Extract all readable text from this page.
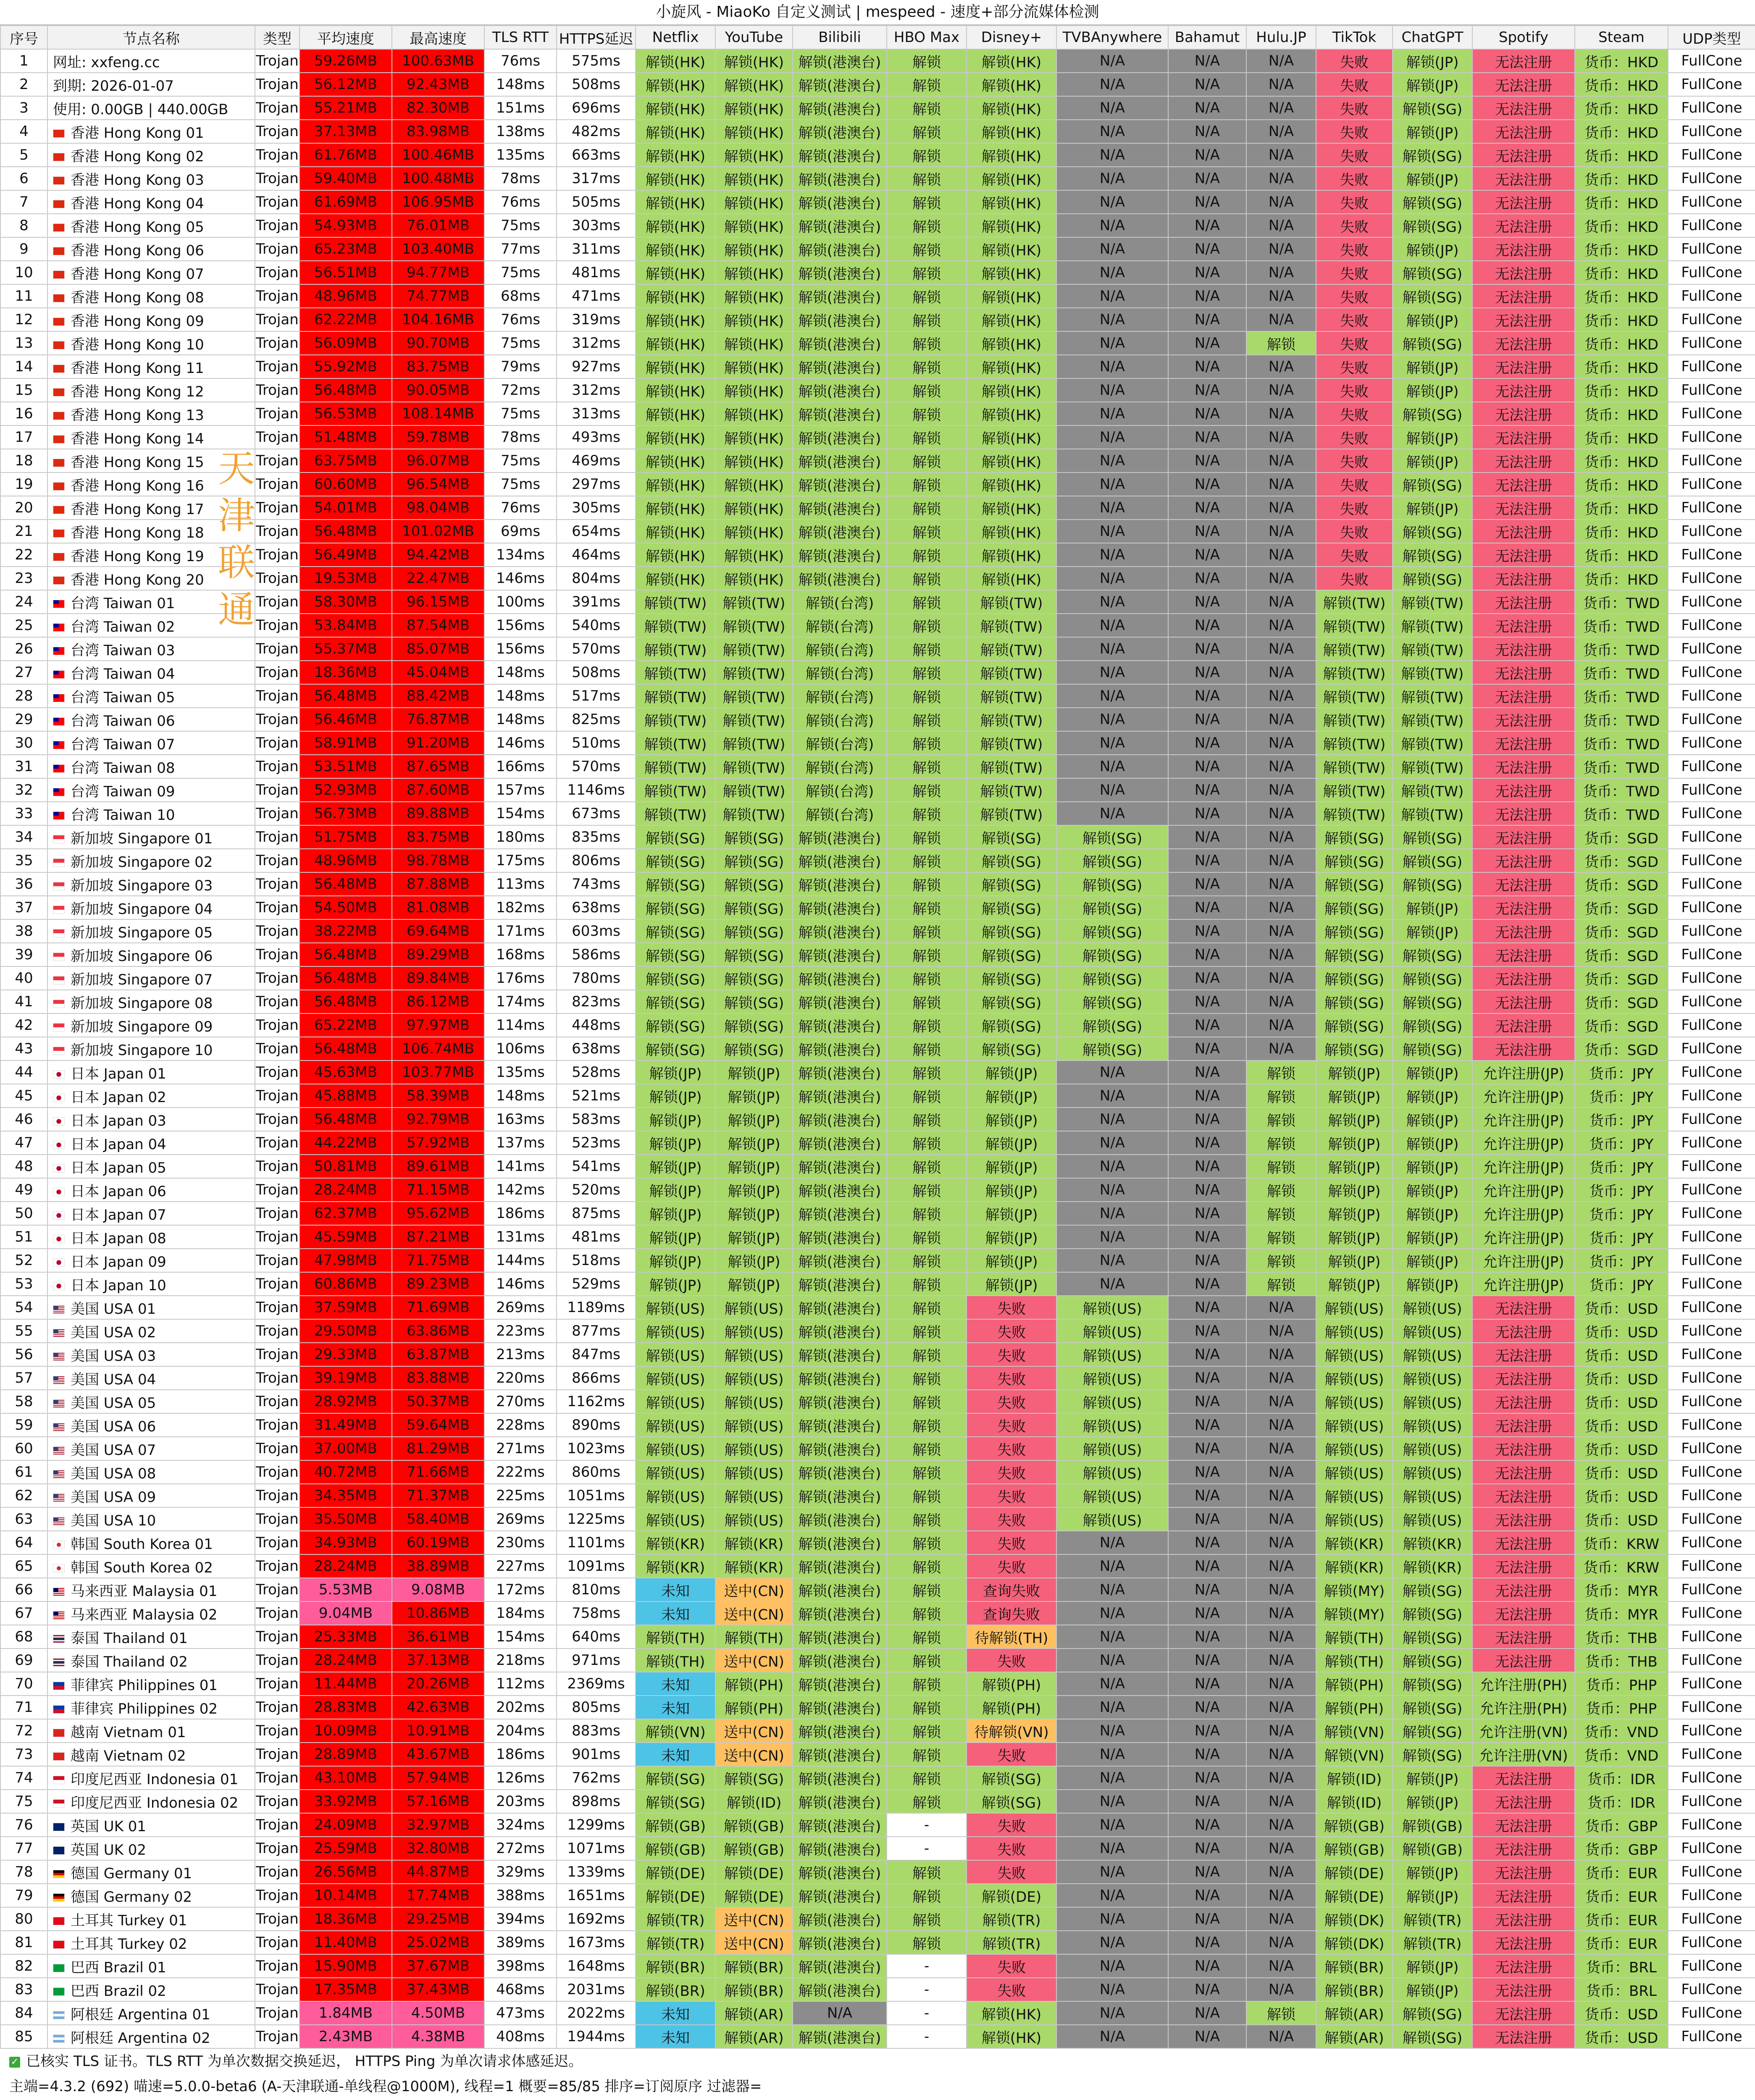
小旋风 - MiaoKo 自定义测试 | mespeed - 速度+部分流媒体检测
序号	节点名称	类型	平均速度	最高速度	TLS RTT	HTTPS延迟	Netflix	YouTube	Bilibili	HBO Max	Disney+	TVBAnywhere	Bahamut	Hulu.JP	TikTok	ChatGPT	Spotify	Steam	UDP类型
1	网址: xxfeng.cc	Trojan	59.26MB	100.63MB	76ms	575ms	解锁(HK)	解锁(HK)	解锁(港澳台)	解锁	解锁(HK)	N/A	N/A	N/A	失败	解锁(JP)	无法注册	货币：HKD	FullCone
2	到期: 2026-01-07	Trojan	56.12MB	92.43MB	148ms	508ms	解锁(HK)	解锁(HK)	解锁(港澳台)	解锁	解锁(HK)	N/A	N/A	N/A	失败	解锁(JP)	无法注册	货币：HKD	FullCone
3	使用: 0.00GB | 440.00GB	Trojan	55.21MB	82.30MB	151ms	696ms	解锁(HK)	解锁(HK)	解锁(港澳台)	解锁	解锁(HK)	N/A	N/A	N/A	失败	解锁(SG)	无法注册	货币：HKD	FullCone
4	香港 Hong Kong 01	Trojan	37.13MB	83.98MB	138ms	482ms	解锁(HK)	解锁(HK)	解锁(港澳台)	解锁	解锁(HK)	N/A	N/A	N/A	失败	解锁(JP)	无法注册	货币：HKD	FullCone
5	香港 Hong Kong 02	Trojan	61.76MB	100.46MB	135ms	663ms	解锁(HK)	解锁(HK)	解锁(港澳台)	解锁	解锁(HK)	N/A	N/A	N/A	失败	解锁(SG)	无法注册	货币：HKD	FullCone
6	香港 Hong Kong 03	Trojan	59.40MB	100.48MB	78ms	317ms	解锁(HK)	解锁(HK)	解锁(港澳台)	解锁	解锁(HK)	N/A	N/A	N/A	失败	解锁(JP)	无法注册	货币：HKD	FullCone
7	香港 Hong Kong 04	Trojan	61.69MB	106.95MB	76ms	505ms	解锁(HK)	解锁(HK)	解锁(港澳台)	解锁	解锁(HK)	N/A	N/A	N/A	失败	解锁(SG)	无法注册	货币：HKD	FullCone
8	香港 Hong Kong 05	Trojan	54.93MB	76.01MB	75ms	303ms	解锁(HK)	解锁(HK)	解锁(港澳台)	解锁	解锁(HK)	N/A	N/A	N/A	失败	解锁(SG)	无法注册	货币：HKD	FullCone
9	香港 Hong Kong 06	Trojan	65.23MB	103.40MB	77ms	311ms	解锁(HK)	解锁(HK)	解锁(港澳台)	解锁	解锁(HK)	N/A	N/A	N/A	失败	解锁(JP)	无法注册	货币：HKD	FullCone
10	香港 Hong Kong 07	Trojan	56.51MB	94.77MB	75ms	481ms	解锁(HK)	解锁(HK)	解锁(港澳台)	解锁	解锁(HK)	N/A	N/A	N/A	失败	解锁(SG)	无法注册	货币：HKD	FullCone
11	香港 Hong Kong 08	Trojan	48.96MB	74.77MB	68ms	471ms	解锁(HK)	解锁(HK)	解锁(港澳台)	解锁	解锁(HK)	N/A	N/A	N/A	失败	解锁(SG)	无法注册	货币：HKD	FullCone
12	香港 Hong Kong 09	Trojan	62.22MB	104.16MB	76ms	319ms	解锁(HK)	解锁(HK)	解锁(港澳台)	解锁	解锁(HK)	N/A	N/A	N/A	失败	解锁(JP)	无法注册	货币：HKD	FullCone
13	香港 Hong Kong 10	Trojan	56.09MB	90.70MB	75ms	312ms	解锁(HK)	解锁(HK)	解锁(港澳台)	解锁	解锁(HK)	N/A	N/A	解锁	失败	解锁(SG)	无法注册	货币：HKD	FullCone
14	香港 Hong Kong 11	Trojan	55.92MB	83.75MB	79ms	927ms	解锁(HK)	解锁(HK)	解锁(港澳台)	解锁	解锁(HK)	N/A	N/A	N/A	失败	解锁(JP)	无法注册	货币：HKD	FullCone
15	香港 Hong Kong 12	Trojan	56.48MB	90.05MB	72ms	312ms	解锁(HK)	解锁(HK)	解锁(港澳台)	解锁	解锁(HK)	N/A	N/A	N/A	失败	解锁(JP)	无法注册	货币：HKD	FullCone
16	香港 Hong Kong 13	Trojan	56.53MB	108.14MB	75ms	313ms	解锁(HK)	解锁(HK)	解锁(港澳台)	解锁	解锁(HK)	N/A	N/A	N/A	失败	解锁(SG)	无法注册	货币：HKD	FullCone
17	香港 Hong Kong 14	Trojan	51.48MB	59.78MB	78ms	493ms	解锁(HK)	解锁(HK)	解锁(港澳台)	解锁	解锁(HK)	N/A	N/A	N/A	失败	解锁(JP)	无法注册	货币：HKD	FullCone
18	香港 Hong Kong 15	Trojan	63.75MB	96.07MB	75ms	469ms	解锁(HK)	解锁(HK)	解锁(港澳台)	解锁	解锁(HK)	N/A	N/A	N/A	失败	解锁(JP)	无法注册	货币：HKD	FullCone
19	香港 Hong Kong 16	Trojan	60.60MB	96.54MB	75ms	297ms	解锁(HK)	解锁(HK)	解锁(港澳台)	解锁	解锁(HK)	N/A	N/A	N/A	失败	解锁(SG)	无法注册	货币：HKD	FullCone
20	香港 Hong Kong 17	Trojan	54.01MB	98.04MB	76ms	305ms	解锁(HK)	解锁(HK)	解锁(港澳台)	解锁	解锁(HK)	N/A	N/A	N/A	失败	解锁(JP)	无法注册	货币：HKD	FullCone
21	香港 Hong Kong 18	Trojan	56.48MB	101.02MB	69ms	654ms	解锁(HK)	解锁(HK)	解锁(港澳台)	解锁	解锁(HK)	N/A	N/A	N/A	失败	解锁(SG)	无法注册	货币：HKD	FullCone
22	香港 Hong Kong 19	Trojan	56.49MB	94.42MB	134ms	464ms	解锁(HK)	解锁(HK)	解锁(港澳台)	解锁	解锁(HK)	N/A	N/A	N/A	失败	解锁(SG)	无法注册	货币：HKD	FullCone
23	香港 Hong Kong 20	Trojan	19.53MB	22.47MB	146ms	804ms	解锁(HK)	解锁(HK)	解锁(港澳台)	解锁	解锁(HK)	N/A	N/A	N/A	失败	解锁(SG)	无法注册	货币：HKD	FullCone
24	台湾 Taiwan 01	Trojan	58.30MB	96.15MB	100ms	391ms	解锁(TW)	解锁(TW)	解锁(台湾)	解锁	解锁(TW)	N/A	N/A	N/A	解锁(TW)	解锁(TW)	无法注册	货币：TWD	FullCone
25	台湾 Taiwan 02	Trojan	53.84MB	87.54MB	156ms	540ms	解锁(TW)	解锁(TW)	解锁(台湾)	解锁	解锁(TW)	N/A	N/A	N/A	解锁(TW)	解锁(TW)	无法注册	货币：TWD	FullCone
26	台湾 Taiwan 03	Trojan	55.37MB	85.07MB	156ms	570ms	解锁(TW)	解锁(TW)	解锁(台湾)	解锁	解锁(TW)	N/A	N/A	N/A	解锁(TW)	解锁(TW)	无法注册	货币：TWD	FullCone
27	台湾 Taiwan 04	Trojan	18.36MB	45.04MB	148ms	508ms	解锁(TW)	解锁(TW)	解锁(台湾)	解锁	解锁(TW)	N/A	N/A	N/A	解锁(TW)	解锁(TW)	无法注册	货币：TWD	FullCone
28	台湾 Taiwan 05	Trojan	56.48MB	88.42MB	148ms	517ms	解锁(TW)	解锁(TW)	解锁(台湾)	解锁	解锁(TW)	N/A	N/A	N/A	解锁(TW)	解锁(TW)	无法注册	货币：TWD	FullCone
29	台湾 Taiwan 06	Trojan	56.46MB	76.87MB	148ms	825ms	解锁(TW)	解锁(TW)	解锁(台湾)	解锁	解锁(TW)	N/A	N/A	N/A	解锁(TW)	解锁(TW)	无法注册	货币：TWD	FullCone
30	台湾 Taiwan 07	Trojan	58.91MB	91.20MB	146ms	510ms	解锁(TW)	解锁(TW)	解锁(台湾)	解锁	解锁(TW)	N/A	N/A	N/A	解锁(TW)	解锁(TW)	无法注册	货币：TWD	FullCone
31	台湾 Taiwan 08	Trojan	53.51MB	87.65MB	166ms	570ms	解锁(TW)	解锁(TW)	解锁(台湾)	解锁	解锁(TW)	N/A	N/A	N/A	解锁(TW)	解锁(TW)	无法注册	货币：TWD	FullCone
32	台湾 Taiwan 09	Trojan	52.93MB	87.60MB	157ms	1146ms	解锁(TW)	解锁(TW)	解锁(台湾)	解锁	解锁(TW)	N/A	N/A	N/A	解锁(TW)	解锁(TW)	无法注册	货币：TWD	FullCone
33	台湾 Taiwan 10	Trojan	56.73MB	89.88MB	154ms	673ms	解锁(TW)	解锁(TW)	解锁(台湾)	解锁	解锁(TW)	N/A	N/A	N/A	解锁(TW)	解锁(TW)	无法注册	货币：TWD	FullCone
34	新加坡 Singapore 01	Trojan	51.75MB	83.75MB	180ms	835ms	解锁(SG)	解锁(SG)	解锁(港澳台)	解锁	解锁(SG)	解锁(SG)	N/A	N/A	解锁(SG)	解锁(SG)	无法注册	货币：SGD	FullCone
35	新加坡 Singapore 02	Trojan	48.96MB	98.78MB	175ms	806ms	解锁(SG)	解锁(SG)	解锁(港澳台)	解锁	解锁(SG)	解锁(SG)	N/A	N/A	解锁(SG)	解锁(SG)	无法注册	货币：SGD	FullCone
36	新加坡 Singapore 03	Trojan	56.48MB	87.88MB	113ms	743ms	解锁(SG)	解锁(SG)	解锁(港澳台)	解锁	解锁(SG)	解锁(SG)	N/A	N/A	解锁(SG)	解锁(SG)	无法注册	货币：SGD	FullCone
37	新加坡 Singapore 04	Trojan	54.50MB	81.08MB	182ms	638ms	解锁(SG)	解锁(SG)	解锁(港澳台)	解锁	解锁(SG)	解锁(SG)	N/A	N/A	解锁(SG)	解锁(JP)	无法注册	货币：SGD	FullCone
38	新加坡 Singapore 05	Trojan	38.22MB	69.64MB	171ms	603ms	解锁(SG)	解锁(SG)	解锁(港澳台)	解锁	解锁(SG)	解锁(SG)	N/A	N/A	解锁(SG)	解锁(JP)	无法注册	货币：SGD	FullCone
39	新加坡 Singapore 06	Trojan	56.48MB	89.29MB	168ms	586ms	解锁(SG)	解锁(SG)	解锁(港澳台)	解锁	解锁(SG)	解锁(SG)	N/A	N/A	解锁(SG)	解锁(SG)	无法注册	货币：SGD	FullCone
40	新加坡 Singapore 07	Trojan	56.48MB	89.84MB	176ms	780ms	解锁(SG)	解锁(SG)	解锁(港澳台)	解锁	解锁(SG)	解锁(SG)	N/A	N/A	解锁(SG)	解锁(SG)	无法注册	货币：SGD	FullCone
41	新加坡 Singapore 08	Trojan	56.48MB	86.12MB	174ms	823ms	解锁(SG)	解锁(SG)	解锁(港澳台)	解锁	解锁(SG)	解锁(SG)	N/A	N/A	解锁(SG)	解锁(SG)	无法注册	货币：SGD	FullCone
42	新加坡 Singapore 09	Trojan	65.22MB	97.97MB	114ms	448ms	解锁(SG)	解锁(SG)	解锁(港澳台)	解锁	解锁(SG)	解锁(SG)	N/A	N/A	解锁(SG)	解锁(SG)	无法注册	货币：SGD	FullCone
43	新加坡 Singapore 10	Trojan	56.48MB	106.74MB	106ms	638ms	解锁(SG)	解锁(SG)	解锁(港澳台)	解锁	解锁(SG)	解锁(SG)	N/A	N/A	解锁(SG)	解锁(SG)	无法注册	货币：SGD	FullCone
44	日本 Japan 01	Trojan	45.63MB	103.77MB	135ms	528ms	解锁(JP)	解锁(JP)	解锁(港澳台)	解锁	解锁(JP)	N/A	N/A	解锁	解锁(JP)	解锁(JP)	允许注册(JP)	货币：JPY	FullCone
45	日本 Japan 02	Trojan	45.88MB	58.39MB	148ms	521ms	解锁(JP)	解锁(JP)	解锁(港澳台)	解锁	解锁(JP)	N/A	N/A	解锁	解锁(JP)	解锁(JP)	允许注册(JP)	货币：JPY	FullCone
46	日本 Japan 03	Trojan	56.48MB	92.79MB	163ms	583ms	解锁(JP)	解锁(JP)	解锁(港澳台)	解锁	解锁(JP)	N/A	N/A	解锁	解锁(JP)	解锁(JP)	允许注册(JP)	货币：JPY	FullCone
47	日本 Japan 04	Trojan	44.22MB	57.92MB	137ms	523ms	解锁(JP)	解锁(JP)	解锁(港澳台)	解锁	解锁(JP)	N/A	N/A	解锁	解锁(JP)	解锁(JP)	允许注册(JP)	货币：JPY	FullCone
48	日本 Japan 05	Trojan	50.81MB	89.61MB	141ms	541ms	解锁(JP)	解锁(JP)	解锁(港澳台)	解锁	解锁(JP)	N/A	N/A	解锁	解锁(JP)	解锁(JP)	允许注册(JP)	货币：JPY	FullCone
49	日本 Japan 06	Trojan	28.24MB	71.15MB	142ms	520ms	解锁(JP)	解锁(JP)	解锁(港澳台)	解锁	解锁(JP)	N/A	N/A	解锁	解锁(JP)	解锁(JP)	允许注册(JP)	货币：JPY	FullCone
50	日本 Japan 07	Trojan	62.37MB	95.62MB	186ms	875ms	解锁(JP)	解锁(JP)	解锁(港澳台)	解锁	解锁(JP)	N/A	N/A	解锁	解锁(JP)	解锁(JP)	允许注册(JP)	货币：JPY	FullCone
51	日本 Japan 08	Trojan	45.59MB	87.21MB	131ms	481ms	解锁(JP)	解锁(JP)	解锁(港澳台)	解锁	解锁(JP)	N/A	N/A	解锁	解锁(JP)	解锁(JP)	允许注册(JP)	货币：JPY	FullCone
52	日本 Japan 09	Trojan	47.98MB	71.75MB	144ms	518ms	解锁(JP)	解锁(JP)	解锁(港澳台)	解锁	解锁(JP)	N/A	N/A	解锁	解锁(JP)	解锁(JP)	允许注册(JP)	货币：JPY	FullCone
53	日本 Japan 10	Trojan	60.86MB	89.23MB	146ms	529ms	解锁(JP)	解锁(JP)	解锁(港澳台)	解锁	解锁(JP)	N/A	N/A	解锁	解锁(JP)	解锁(JP)	允许注册(JP)	货币：JPY	FullCone
54	美国 USA 01	Trojan	37.59MB	71.69MB	269ms	1189ms	解锁(US)	解锁(US)	解锁(港澳台)	解锁	失败	解锁(US)	N/A	N/A	解锁(US)	解锁(US)	无法注册	货币：USD	FullCone
55	美国 USA 02	Trojan	29.50MB	63.86MB	223ms	877ms	解锁(US)	解锁(US)	解锁(港澳台)	解锁	失败	解锁(US)	N/A	N/A	解锁(US)	解锁(US)	无法注册	货币：USD	FullCone
56	美国 USA 03	Trojan	29.33MB	63.87MB	213ms	847ms	解锁(US)	解锁(US)	解锁(港澳台)	解锁	失败	解锁(US)	N/A	N/A	解锁(US)	解锁(US)	无法注册	货币：USD	FullCone
57	美国 USA 04	Trojan	39.19MB	83.88MB	220ms	866ms	解锁(US)	解锁(US)	解锁(港澳台)	解锁	失败	解锁(US)	N/A	N/A	解锁(US)	解锁(US)	无法注册	货币：USD	FullCone
58	美国 USA 05	Trojan	28.92MB	50.37MB	270ms	1162ms	解锁(US)	解锁(US)	解锁(港澳台)	解锁	失败	解锁(US)	N/A	N/A	解锁(US)	解锁(US)	无法注册	货币：USD	FullCone
59	美国 USA 06	Trojan	31.49MB	59.64MB	228ms	890ms	解锁(US)	解锁(US)	解锁(港澳台)	解锁	失败	解锁(US)	N/A	N/A	解锁(US)	解锁(US)	无法注册	货币：USD	FullCone
60	美国 USA 07	Trojan	37.00MB	81.29MB	271ms	1023ms	解锁(US)	解锁(US)	解锁(港澳台)	解锁	失败	解锁(US)	N/A	N/A	解锁(US)	解锁(US)	无法注册	货币：USD	FullCone
61	美国 USA 08	Trojan	40.72MB	71.66MB	222ms	860ms	解锁(US)	解锁(US)	解锁(港澳台)	解锁	失败	解锁(US)	N/A	N/A	解锁(US)	解锁(US)	无法注册	货币：USD	FullCone
62	美国 USA 09	Trojan	34.35MB	71.37MB	225ms	1051ms	解锁(US)	解锁(US)	解锁(港澳台)	解锁	失败	解锁(US)	N/A	N/A	解锁(US)	解锁(US)	无法注册	货币：USD	FullCone
63	美国 USA 10	Trojan	35.50MB	58.40MB	269ms	1225ms	解锁(US)	解锁(US)	解锁(港澳台)	解锁	失败	解锁(US)	N/A	N/A	解锁(US)	解锁(US)	无法注册	货币：USD	FullCone
64	韩国 South Korea 01	Trojan	34.93MB	60.19MB	230ms	1101ms	解锁(KR)	解锁(KR)	解锁(港澳台)	解锁	失败	N/A	N/A	N/A	解锁(KR)	解锁(KR)	无法注册	货币：KRW	FullCone
65	韩国 South Korea 02	Trojan	28.24MB	38.89MB	227ms	1091ms	解锁(KR)	解锁(KR)	解锁(港澳台)	解锁	失败	N/A	N/A	N/A	解锁(KR)	解锁(KR)	无法注册	货币：KRW	FullCone
66	马来西亚 Malaysia 01	Trojan	5.53MB	9.08MB	172ms	810ms	未知	送中(CN)	解锁(港澳台)	解锁	查询失败	N/A	N/A	N/A	解锁(MY)	解锁(SG)	无法注册	货币：MYR	FullCone
67	马来西亚 Malaysia 02	Trojan	9.04MB	10.86MB	184ms	758ms	未知	送中(CN)	解锁(港澳台)	解锁	查询失败	N/A	N/A	N/A	解锁(MY)	解锁(SG)	无法注册	货币：MYR	FullCone
68	泰国 Thailand 01	Trojan	25.33MB	36.61MB	154ms	640ms	解锁(TH)	解锁(TH)	解锁(港澳台)	解锁	待解锁(TH)	N/A	N/A	N/A	解锁(TH)	解锁(SG)	无法注册	货币：THB	FullCone
69	泰国 Thailand 02	Trojan	28.24MB	37.13MB	218ms	971ms	解锁(TH)	送中(CN)	解锁(港澳台)	解锁	失败	N/A	N/A	N/A	解锁(TH)	解锁(SG)	无法注册	货币：THB	FullCone
70	菲律宾 Philippines 01	Trojan	11.44MB	20.26MB	112ms	2369ms	未知	解锁(PH)	解锁(港澳台)	解锁	解锁(PH)	N/A	N/A	N/A	解锁(PH)	解锁(SG)	允许注册(PH)	货币：PHP	FullCone
71	菲律宾 Philippines 02	Trojan	28.83MB	42.63MB	202ms	805ms	未知	解锁(PH)	解锁(港澳台)	解锁	解锁(PH)	N/A	N/A	N/A	解锁(PH)	解锁(SG)	允许注册(PH)	货币：PHP	FullCone
72	越南 Vietnam 01	Trojan	10.09MB	10.91MB	204ms	883ms	解锁(VN)	送中(CN)	解锁(港澳台)	解锁	待解锁(VN)	N/A	N/A	N/A	解锁(VN)	解锁(SG)	允许注册(VN)	货币：VND	FullCone
73	越南 Vietnam 02	Trojan	28.89MB	43.67MB	186ms	901ms	未知	送中(CN)	解锁(港澳台)	解锁	失败	N/A	N/A	N/A	解锁(VN)	解锁(SG)	允许注册(VN)	货币：VND	FullCone
74	印度尼西亚 Indonesia 01	Trojan	43.10MB	57.94MB	126ms	762ms	解锁(SG)	解锁(SG)	解锁(港澳台)	解锁	解锁(SG)	N/A	N/A	N/A	解锁(ID)	解锁(JP)	无法注册	货币：IDR	FullCone
75	印度尼西亚 Indonesia 02	Trojan	33.92MB	57.16MB	203ms	898ms	解锁(SG)	解锁(ID)	解锁(港澳台)	解锁	解锁(SG)	N/A	N/A	N/A	解锁(ID)	解锁(JP)	无法注册	货币：IDR	FullCone
76	英国 UK 01	Trojan	24.09MB	32.97MB	324ms	1299ms	解锁(GB)	解锁(GB)	解锁(港澳台)	-	失败	N/A	N/A	N/A	解锁(GB)	解锁(GB)	无法注册	货币：GBP	FullCone
77	英国 UK 02	Trojan	25.59MB	32.80MB	272ms	1071ms	解锁(GB)	解锁(GB)	解锁(港澳台)	-	失败	N/A	N/A	N/A	解锁(GB)	解锁(GB)	无法注册	货币：GBP	FullCone
78	德国 Germany 01	Trojan	26.56MB	44.87MB	329ms	1339ms	解锁(DE)	解锁(DE)	解锁(港澳台)	解锁	失败	N/A	N/A	N/A	解锁(DE)	解锁(JP)	无法注册	货币：EUR	FullCone
79	德国 Germany 02	Trojan	10.14MB	17.74MB	388ms	1651ms	解锁(DE)	解锁(DE)	解锁(港澳台)	解锁	解锁(DE)	N/A	N/A	N/A	解锁(DE)	解锁(JP)	无法注册	货币：EUR	FullCone
80	土耳其 Turkey 01	Trojan	18.36MB	29.25MB	394ms	1692ms	解锁(TR)	送中(CN)	解锁(港澳台)	解锁	解锁(TR)	N/A	N/A	N/A	解锁(DK)	解锁(TR)	无法注册	货币：EUR	FullCone
81	土耳其 Turkey 02	Trojan	11.40MB	25.02MB	389ms	1673ms	解锁(TR)	送中(CN)	解锁(港澳台)	解锁	解锁(TR)	N/A	N/A	N/A	解锁(DK)	解锁(TR)	无法注册	货币：EUR	FullCone
82	巴西 Brazil 01	Trojan	15.90MB	37.67MB	398ms	1648ms	解锁(BR)	解锁(BR)	解锁(港澳台)	-	失败	N/A	N/A	N/A	解锁(BR)	解锁(JP)	无法注册	货币：BRL	FullCone
83	巴西 Brazil 02	Trojan	17.35MB	37.43MB	468ms	2031ms	解锁(BR)	解锁(BR)	解锁(港澳台)	-	失败	N/A	N/A	N/A	解锁(BR)	解锁(JP)	无法注册	货币：BRL	FullCone
84	阿根廷 Argentina 01	Trojan	1.84MB	4.50MB	473ms	2022ms	未知	解锁(AR)	N/A	-	解锁(HK)	N/A	N/A	解锁	解锁(AR)	解锁(SG)	无法注册	货币：USD	FullCone
85	阿根廷 Argentina 02	Trojan	2.43MB	4.38MB	408ms	1944ms	未知	解锁(AR)	解锁(港澳台)	-	解锁(HK)	N/A	N/A	N/A	解锁(AR)	解锁(SG)	无法注册	货币：USD	FullCone
天津联通
✓ 已核实 TLS 证书。TLS RTT 为单次数据交换延迟， HTTPS Ping 为单次请求体感延迟。
主端=4.3.2 (692) 喵速=5.0.0-beta6 (A-天津联通-单线程@1000M), 线程=1 概要=85/85 排序=订阅原序 过滤器=
